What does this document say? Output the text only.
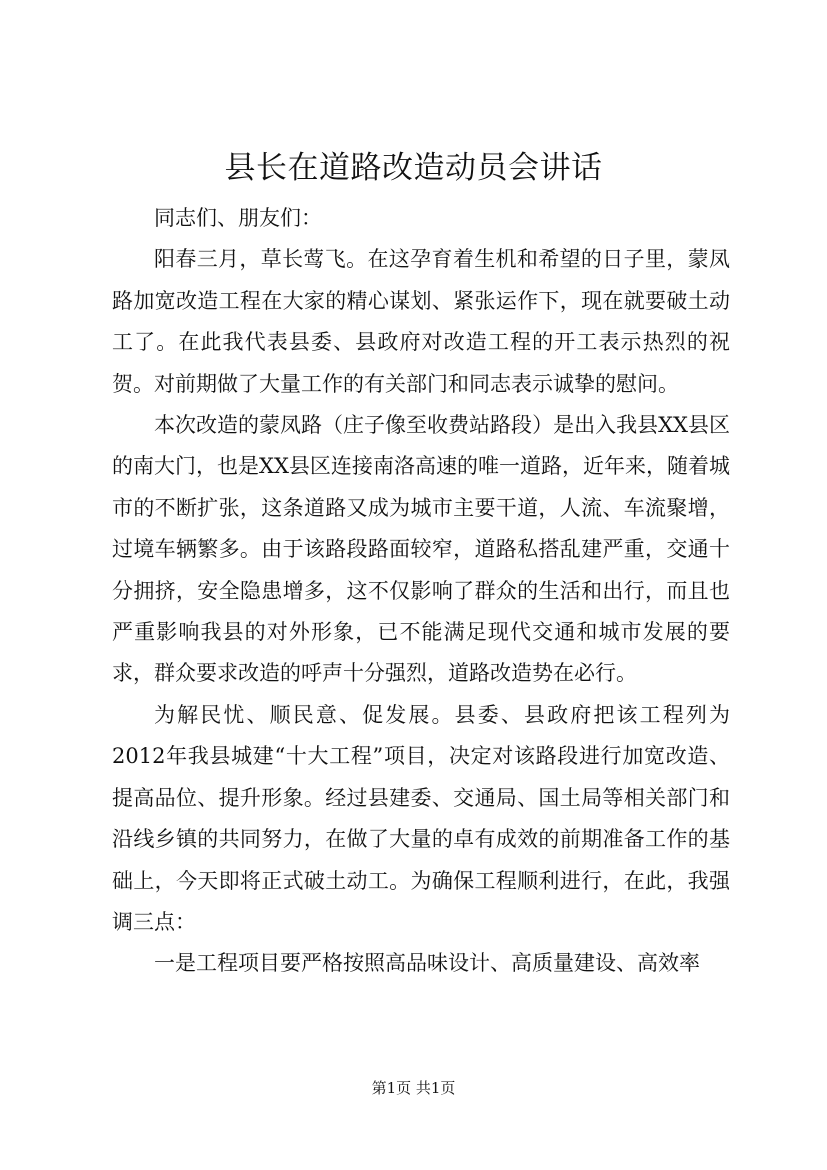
县长在道路改造动员会讲话

同志们、朋友们：

阳春三月，草长莺飞。在这孕育着生机和希望的日子里，蒙凤路加宽改造工程在大家的精心谋划、紧张运作下，现在就要破土动工了。在此我代表县委、县政府对改造工程的开工表示热烈的祝贺。对前期做了大量工作的有关部门和同志表示诚挚的慰问。

本次改造的蒙凤路（庄子像至收费站路段）是出入我县XX县区的南大门，也是XX县区连接南洛高速的唯一道路，近年来，随着城市的不断扩张，这条道路又成为城市主要干道，人流、车流聚增，过境车辆繁多。由于该路段路面较窄，道路私搭乱建严重，交通十分拥挤，安全隐患增多，这不仅影响了群众的生活和出行，而且也严重影响我县的对外形象，已不能满足现代交通和城市发展的要求，群众要求改造的呼声十分强烈，道路改造势在必行。

为解民忧、顺民意、促发展。县委、县政府把该工程列为2012年我县城建“十大工程”项目，决定对该路段进行加宽改造、提高品位、提升形象。经过县建委、交通局、国土局等相关部门和沿线乡镇的共同努力，在做了大量的卓有成效的前期准备工作的基础上，今天即将正式破土动工。为确保工程顺利进行，在此，我强调三点：

一是工程项目要严格按照高品味设计、高质量建设、高效率

第1页 共1页
